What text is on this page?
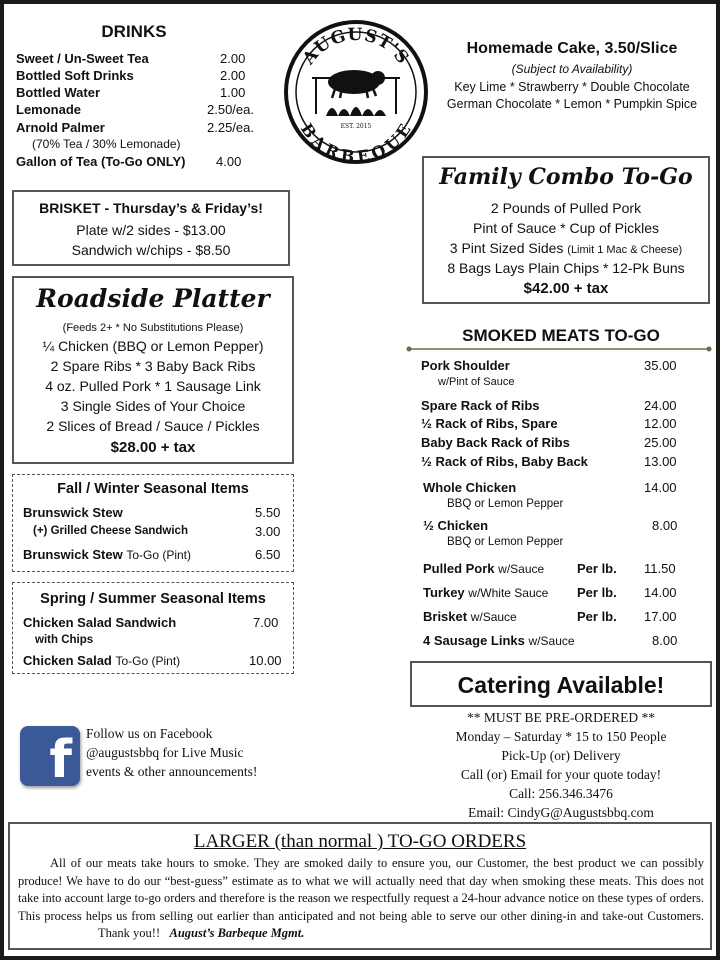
DRINKS
Sweet / Un-Sweet Tea	2.00
Bottled Soft Drinks	2.00
Bottled Water	1.00
Lemonade	2.50/ea.
Arnold Palmer	2.25/ea.
(70% Tea / 30% Lemonade)
Gallon of Tea (To-Go ONLY) 4.00
AUGUST'S
BARBEQUE
EST. 2015
Homemade Cake, 3.50/Slice
(Subject to Availability)
Key Lime * Strawberry * Double Chocolate
German Chocolate * Lemon * Pumpkin Spice
BRISKET - Thursday’s & Friday’s!
Plate w/2 sides - $13.00
Sandwich w/chips - $8.50
Family Combo To-Go
2 Pounds of Pulled Pork
Pint of Sauce * Cup of Pickles
3 Pint Sized Sides (Limit 1 Mac & Cheese)
8 Bags Lays Plain Chips * 12-Pk Buns
$42.00 + tax
Roadside Platter
(Feeds 2+ * No Substitutions Please)
¼ Chicken (BBQ or Lemon Pepper)
2 Spare Ribs * 3 Baby Back Ribs
4 oz. Pulled Pork * 1 Sausage Link
3 Single Sides of Your Choice
2 Slices of Bread / Sauce / Pickles
$28.00 + tax
SMOKED MEATS TO-GO
Pork Shoulder	35.00
w/Pint of Sauce
Spare Rack of Ribs	24.00
½ Rack of Ribs, Spare	12.00
Baby Back Rack of Ribs	25.00
½ Rack of Ribs, Baby Back	13.00
Whole Chicken	14.00
BBQ or Lemon Pepper
½ Chicken	8.00
BBQ or Lemon Pepper
Pulled Pork w/Sauce	Per lb. 11.50
Turkey w/White Sauce Per lb. 14.00
Brisket w/Sauce	Per lb. 17.00
4 Sausage Links w/Sauce	8.00
Fall / Winter Seasonal Items
Brunswick Stew	5.50
(+) Grilled Cheese Sandwich	3.00
Brunswick Stew To-Go (Pint)	6.50
Spring / Summer Seasonal Items
Chicken Salad Sandwich	7.00
with Chips
Chicken Salad To-Go (Pint)	10.00
Catering Available!
** MUST BE PRE-ORDERED **
Monday – Saturday * 15 to 150 People
Pick-Up (or) Delivery
Call (or) Email for your quote today!
Call: 256.346.3476
Email: CindyG@Augustsbbq.com
f Follow us on Facebook
@augustsbbq for Live Music
events & other announcements!
LARGER (than normal ) TO-GO ORDERS
All of our meats take hours to smoke. They are smoked daily to ensure you, our Customer, the best product we can possibly produce! We have to do our “best-guess” estimate as to what we will actually need that day when smoking these meats. This does not take into account large to-go orders and therefore is the reason we respectfully request a 24-hour advance notice on these types of orders. This process helps us from selling out earlier than anticipated and not being able to serve our other dining-in and take-out Customers.Thank you!! August’s Barbeque Mgmt.
